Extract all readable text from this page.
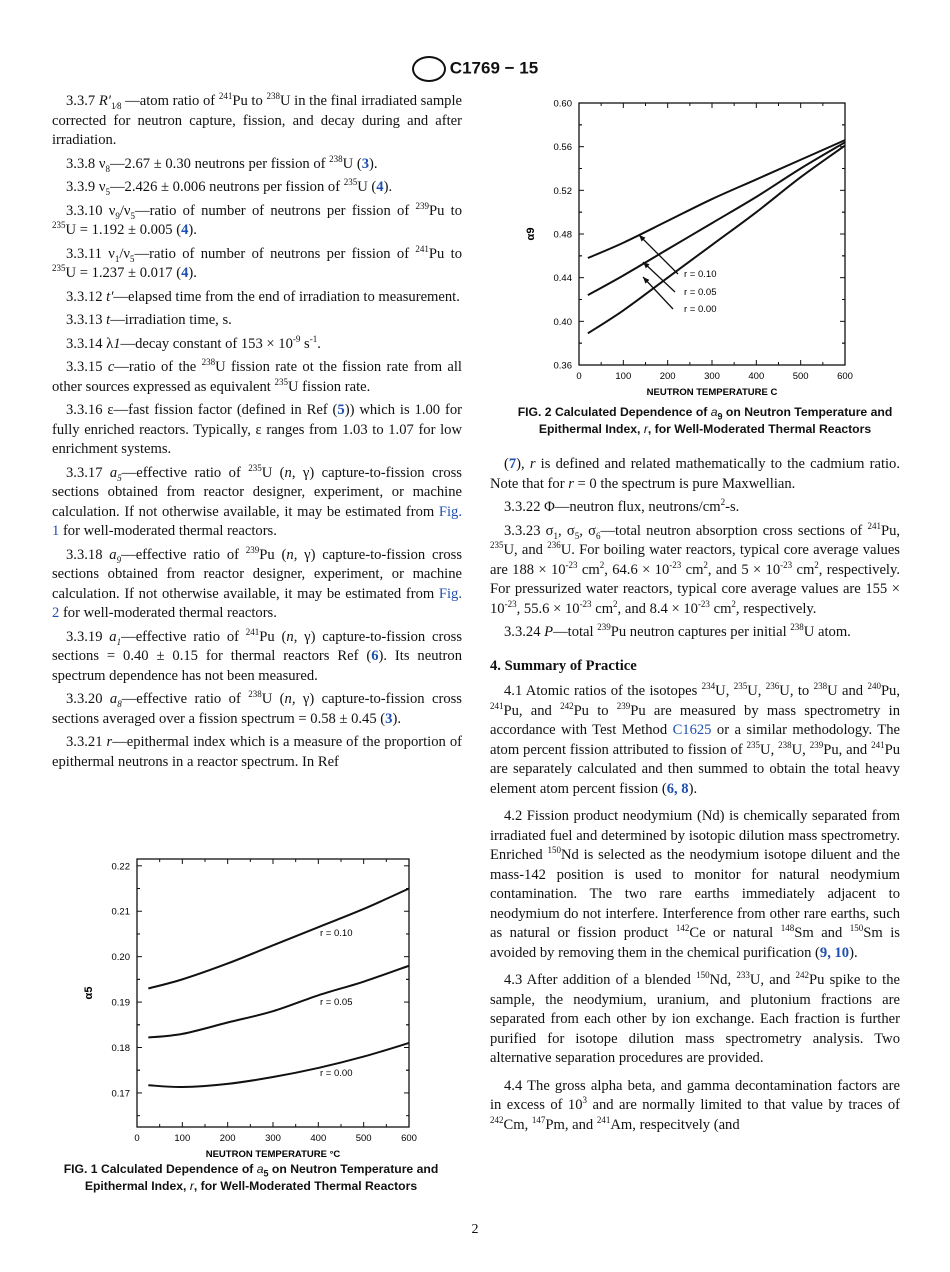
C1769 − 15

3.3.7 $R'_{1⁄8}$ —atom ratio of $^{241}$Pu to $^{238}$U in the final irradiated sample corrected for neutron capture, fission, and decay during and after irradiation.

3.3.8 $\nu_8—2.67 \pm 0.30$ neutrons per fission of $^{238}$U (3).

3.3.9 $\nu_5—2.426 \pm 0.006$ neutrons per fission of $^{235}$U (4).

3.3.10 $\nu_9/\nu_5—ratio$ of number of neutrons per fission of $^{239}$Pu to $^{235}$U = 1.192 ± 0.005 (4).

3.3.11 $\nu_1/\nu_5—ratio$ of number of neutrons per fission of $^{241}$Pu to $^{235}$U = 1.237 ± 0.017 (4).

3.3.12 t′—elapsed time from the end of irradiation to measurement.

3.3.13 t—irradiation time, s.

3.3.14 λ1—decay constant of $153 \times 10^{-9}$ $s^{-1}$.

3.3.15 c—ratio of the $^{238}$U fission rate ot the fission rate from all other sources expressed as equivalent $^{235}$U fission rate.

3.3.16 ε—fast fission factor (defined in Ref (5)) which is 1.00 for fully enriched reactors. Typically, ε ranges from 1.03 to 1.07 for low enrichment systems.

3.3.17 $a_5—effective$ ratio of $^{235}$U (n, γ) capture-to-fission cross sections obtained from reactor designer, experiment, or machine calculation. If not otherwise available, it may be estimated from Fig. 1 for well-moderated thermal reactors.

3.3.18 $a_9—effective$ ratio of $^{239}$Pu (n, γ) capture-to-fission cross sections obtained from reactor designer, experiment, or machine calculation. If not otherwise available, it may be estimated from Fig. 2 for well-moderated thermal reactors.

3.3.19 $a_1—effective$ ratio of $^{241}$Pu (n, γ) capture-to-fission cross sections = 0.40 ± 0.15 for thermal reactors Ref (6). Its neutron spectrum dependence has not been measured.

3.3.20 $a_8—effective$ ratio of $^{238}$U (n, γ) capture-to-fission cross sections averaged over a fission spectrum = 0.58 ± 0.45 (3).

3.3.21 r—epithermal index which is a measure of the proportion of epithermal neutrons in a reactor spectrum. In Ref

(7), r is defined and related mathematically to the cadmium ratio. Note that for r = 0 the spectrum is pure Maxwellian.

3.3.22 Φ—neutron flux, neutrons/$cm^2-s$.

3.3.23 $\sigma_1$, $\sigma_5$, $\sigma_6—total$ neutron absorption cross sections of $^{241}$Pu, $^{235}$U, and $^{236}$U. For boiling water reactors, typical core average values are $188 \times 10^{-23}$ $cm^2$, $64.6 \times 10^{-23}$ $cm^2$, and $5 \times 10^{-23}$ $cm^2$, respectively. For pressurized water reactors, typical core average values are $155 \times 10^{-23}$, $55.6 \times 10^{-23}$ $cm^2$, and $8.4 \times 10^{-23}$ $cm^2$, respectively.

3.3.24 P—total $^{239}$Pu neutron captures per initial $^{238}$U atom.

4. Summary of Practice

4.1 Atomic ratios of the isotopes $^{234}$U, $^{235}$U, $^{236}$U, to $^{238}$U and $^{240}$Pu, $^{241}$Pu, and $^{242}$Pu to $^{239}$Pu are measured by mass spectrometry in accordance with Test Method C1625 or a similar methodology. The atom percent fission attributed to fission of $^{235}$U, $^{238}$U, $^{239}$Pu, and $^{241}$Pu are separately calculated and then summed to obtain the total heavy element atom percent fission (6, 8).

4.2 Fission product neodymium (Nd) is chemically separated from irradiated fuel and determined by isotopic dilution mass spectrometry. Enriched $^{150}$Nd is selected as the neodymium isotope diluent and the mass-142 position is used to monitor for natural neodymium contamination. The two rare earths immediately adjacent to neodymium do not interfere. Interference from other rare earths, such as natural or fission product $^{142}$Ce or natural $^{148}$Sm and $^{150}$Sm is avoided by removing them in the chemical purification (9, 10).

4.3 After addition of a blended $^{150}$Nd, $^{233}$U, and $^{242}$Pu spike to the sample, the neodymium, uranium, and plutonium fractions are separated from each other by ion exchange. Each fraction is further purified for isotope dilution mass spectrometry analysis. Two alternative separation procedures are provided.

4.4 The gross alpha beta, and gamma decontamination factors are in excess of $10^3$ and are normally limited to that value by traces of $^{242}$Cm, $^{147}$Pm, and $^{241}$Am, respecitvely (and

0	100	200	300	400	500	600
0.36
0.40
0.44
0.48
0.52
0.56
0.60
NEUTRON TEMPERATURE C
α9
r = 0.10
r = 0.05
r = 0.00
FIG. 2 Calculated Dependence of $a_9$ on Neutron Temperature and Epithermal Index, r, for Well-Moderated Thermal Reactors
0	100	200	300	400	500	600
0.17
0.18
0.19
0.20
0.21
0.22
NEUTRON TEMPERATURE °C
α5
r = 0.10
r = 0.05
r = 0.00
FIG. 1 Calculated Dependence of $a_5$ on Neutron Temperature and Epithermal Index, r, for Well-Moderated Thermal Reactors
2
